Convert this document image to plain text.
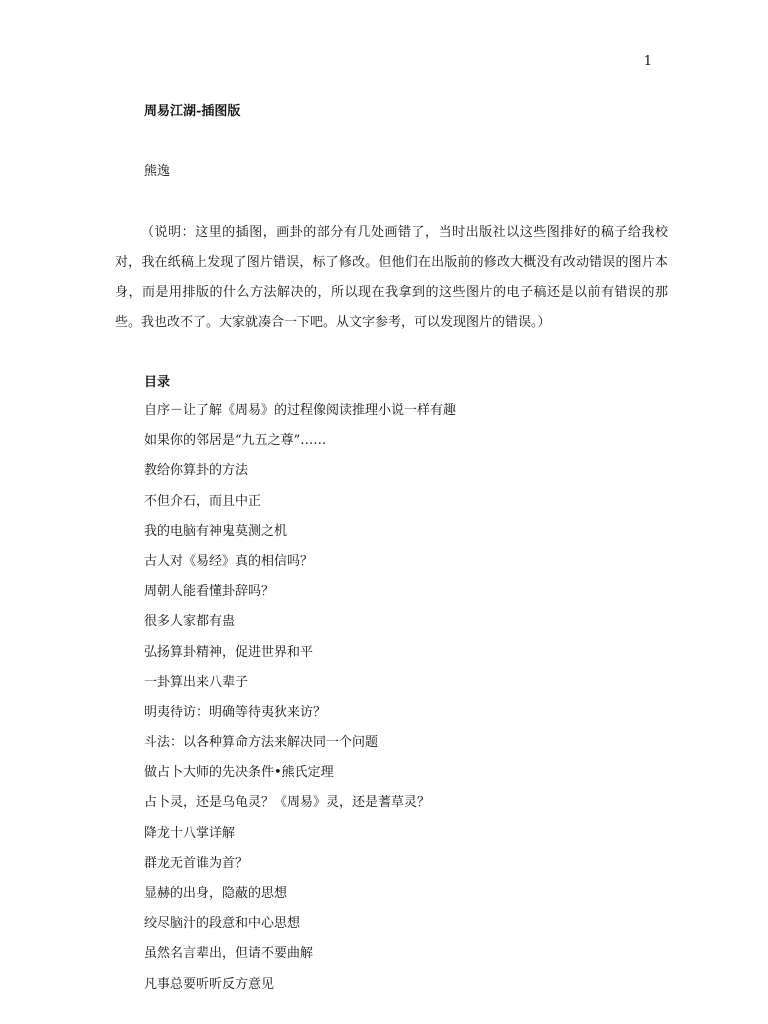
1
周易江湖-插图版
熊逸

（说明：这里的插图，画卦的部分有几处画错了，当时出版社以这些图排好的稿子给我校对，我在纸稿上发现了图片错误，标了修改。但他们在出版前的修改大概没有改动错误的图片本身，而是用排版的什么方法解决的，所以现在我拿到的这些图片的电子稿还是以前有错误的那些。我也改不了。大家就凑合一下吧。从文字参考，可以发现图片的错误。）

目录
自序－让了解《周易》的过程像阅读推理小说一样有趣
如果你的邻居是“九五之尊”……
教给你算卦的方法
不但介石，而且中正
我的电脑有神鬼莫测之机
古人对《易经》真的相信吗？
周朝人能看懂卦辞吗？
很多人家都有蛊
弘扬算卦精神，促进世界和平
一卦算出来八辈子
明夷待访：明确等待夷狄来访？
斗法：以各种算命方法来解决同一个问题
做占卜大师的先决条件•熊氏定理
占卜灵，还是乌龟灵？《周易》灵，还是蓍草灵？
降龙十八掌详解
群龙无首谁为首？
显赫的出身，隐蔽的思想
绞尽脑汁的段意和中心思想
虽然名言辈出，但请不要曲解
凡事总要听听反方意见
